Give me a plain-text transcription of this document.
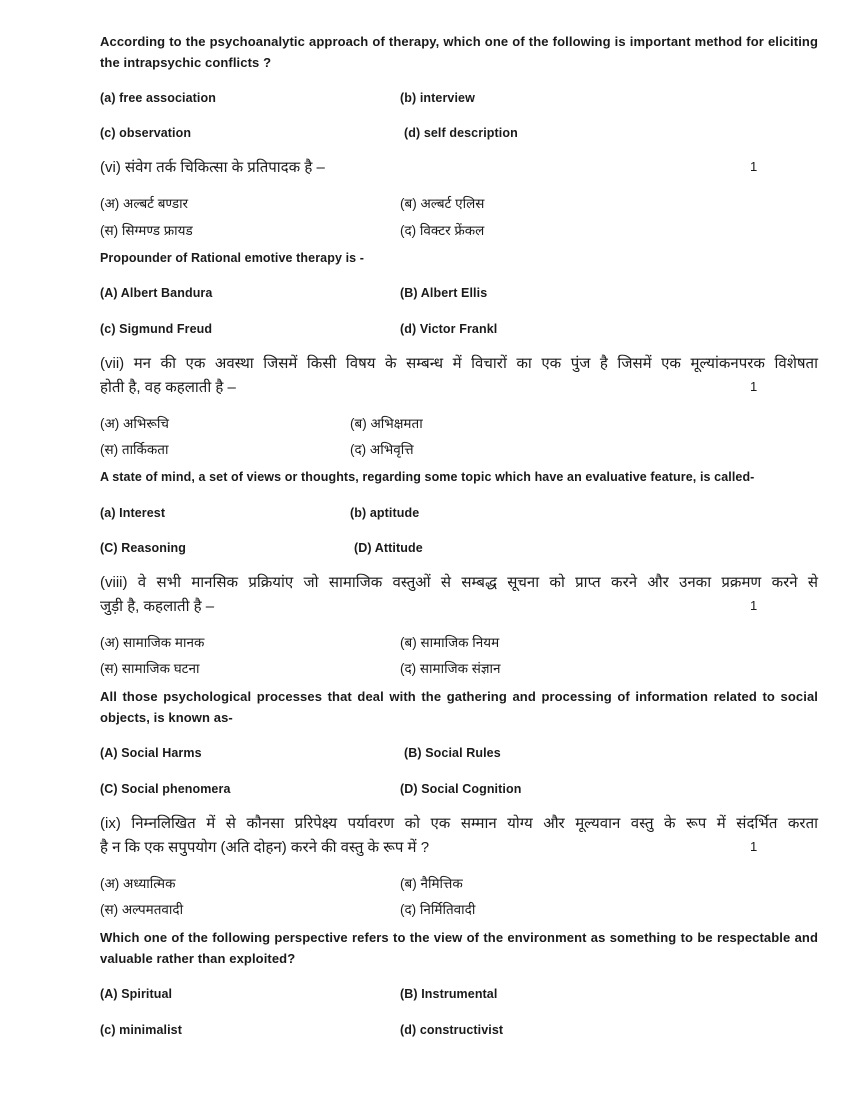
According to the psychoanalytic approach of therapy, which one of the following is important method for eliciting the intrapsychic conflicts ?
(a) free association	(b) interview
(c) observation	(d) self description
(vi) संवेग तर्क चिकित्सा के प्रतिपादक है –	1
(अ) अल्बर्ट बण्डार	(ब) अल्बर्ट एलिस
(स) सिग्मण्ड फ्रायड	(द) विक्टर फ्रेंकल
Propounder of Rational emotive therapy is -
(A) Albert Bandura	(B) Albert Ellis
(c) Sigmund Freud	(d) Victor Frankl
(vii) मन की एक अवस्था जिसमें किसी विषय के सम्बन्ध में विचारों का एक पुंज है जिसमें एक मूल्यांकनपरक विशेषता
होती है, वह कहलाती है –	1
(अ) अभिरूचि	(ब) अभिक्षमता
(स) तार्किकता	(द) अभिवृत्ति
A state of mind, a set of views or thoughts, regarding some topic which have an evaluative feature, is called-
(a) Interest	(b) aptitude
(C) Reasoning	(D) Attitude
(viii) वे सभी मानसिक प्रक्रियांए जो सामाजिक वस्तुओं से सम्बद्ध सूचना को प्राप्त करने और उनका प्रक्रमण करने से
जुड़ी है, कहलाती है –	1
(अ) सामाजिक मानक	(ब) सामाजिक नियम
(स) सामाजिक घटना	(द) सामाजिक संज्ञान
All those psychological processes that deal with the gathering and processing of information related to social objects, is known as-
(A) Social Harms	(B) Social Rules
(C) Social phenomera	(D) Social Cognition
(ix) निम्नलिखित में से कौनसा प्ररिपेक्ष्य पर्यावरण को एक सम्मान योग्य और मूल्यवान वस्तु के रूप में संदर्भित करता
है न कि एक सपुपयोग (अति दोहन) करने की वस्तु के रूप में ?	1
(अ) अध्यात्मिक	(ब) नैमित्तिक
(स) अल्पमतवादी	(द) निर्मितिवादी
Which one of the following perspective refers to the view of the environment as something to be respectable and valuable rather than exploited?
(A) Spiritual	(B) Instrumental
(c) minimalist	(d) constructivist
